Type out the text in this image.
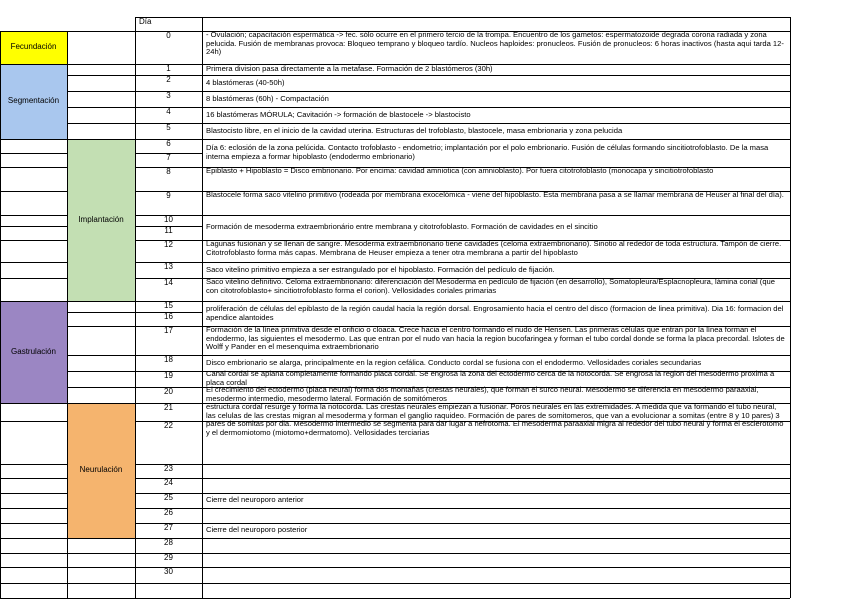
Fecundación
Segmentación
Implantación
Gastrulación
Neurulación
Día
0
1
2
3
4
5
6
7
8
9
10
11
12
13
14
15
16
17
18
19
20
21
22
23
24
25
26
27
28
29
30
- Ovulación; capacitación espermática -> fec. sólo ocurre en el primero tercio de la trompa. Encuentro de los gametos: espermatozoide degrada corona radiada y zona pelucida. Fusión de membranas provoca: Bloqueo temprano y bloqueo tardío. Nucleos haploides: pronucleos. Fusión de pronucleos: 6 horas inactivos (hasta aqui tarda 12-24h)
Primera division pasa directamente a la metafase. Formación de 2 blastómeros (30h)
4 blastómeras (40-50h)
8 blastómeras (60h) - Compactación
16 blastómeras MÓRULA; Cavitación -> formación de blastocele -> blastocisto
Blastocisto libre, en el inicio de la cavidad uterina. Estructuras del trofoblasto, blastocele, masa embrionaria y zona pelucida
Epiblasto + Hipoblasto = Disco embrionario. Por encima: cavidad amniotica (con amnioblasto). Por fuera citotrofoblasto (monocapa y sincitiotrofoblasto
Blastocele forma saco vitelino primitivo (rodeada por membrana exocelómica - viene del hipoblasto. Esta membrana pasa a se llamar membrana de Heuser al final del día).
Lagunas fusionan y se llenan de sangre. Mesoderma extraembrionario tiene cavidades (celoma extraembrionario). Sinotio al rededor de toda estructura. Tampón de cierre. Citotrofoblasto forma más capas. Membrana de Heuser empieza a tener otra membrana a partir del hipoblasto
Saco vitelino primitivo empieza a ser estrangulado por el hipoblasto. Formación del pedículo de fijación.
Saco vitelino definitivo. Celoma extraembrionario: diferenciación del Mesoderma en pedículo de fijación (en desarrollo), Somatopleura/Esplacnopleura, lámina corial (que con citotrofoblasto+ sincitiotrofoblasto forma el corion). Vellosidades coriales primarias
Formación de la línea primitiva desde el orificio o cloaca. Crece hacia el centro formando el nudo de Hensen. Las primeras células que entran por la línea forman el endodermo, las siguientes el mesodermo. Las que entran por el nudo van hacia la region bucofaringea y forman el tubo cordal donde se forma la placa precordal. Islotes de Wolff y Pander en el mesenquima extraembrionario
Disco embrionario se alarga, principalmente en la region cefálica. Conducto cordal se fusiona con el endodermo. Vellosidades coriales secundarias
Canal cordal se aplana completamente formando placa cordal. Se engrosa la zona del ectodermo cerca de la notocorda. Se engrosa la region del mesodermo proxima a placa cordal
El crecimiento del ectodermo (placa neural) forma dos montañas (crestas neurales), que forman el surco neural. Mesodermo se diferencia en mesodermo paraaxial, mesodermo intermedio, mesodermo lateral. Formación de somitómeros
estructura cordal resurge y forma la notocorda. Las crestas neurales empiezan a fusionar. Poros neurales en las extremidades. A medida que va formando el tubo neural, las celulas de las crestas migran al mesoderma y forman el ganglio raquideo. Formación de pares de somitomeros, que van a evolucionar a somitas (entre 8 y 10 pares) 3 pares de somitas por dia. Mesodermo intermedio se segmenta para dar lugar a nefrotoma. El mesoderma paraaxial migra al rededor del tubo neural y forma el esclerotomo y el dermomiotomo (miotomo+dermatomo). Vellosidades terciarias
Cierre del neuroporo anterior
Cierre del neuroporo posterior
Día 6: eclosión de la zona pelúcida. Contacto trofoblasto - endometrio; implantación por el polo embrionario. Fusión de células formando sincitiotrofoblasto. De la masa interna empieza a formar hipoblasto (endodermo embrionario)
Formación de mesoderma extraembrionário entre membrana y citotrofoblasto. Formación de cavidades en el sincitio
proliferación de células del epiblasto de la región caudal hacia la región dorsal. Engrosamiento hacia el centro del disco (formacion de linea primitiva). Dia 16: formacion del apendice alantoides
